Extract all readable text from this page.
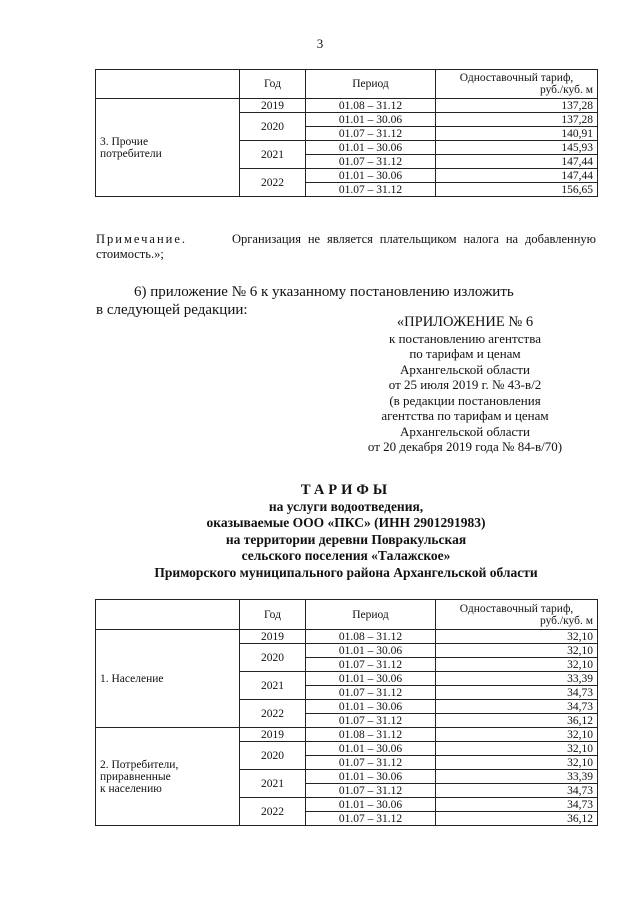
3
	Год	Период	Одноставочный тариф,
руб./куб. м

3. Прочие
потребители	2019	01.08 – 31.12	137,28
	2020	01.01 – 30.06	137,28
		01.07 – 31.12	140,91
	2021	01.01 – 30.06	145,93
		01.07 – 31.12	147,44
	2022	01.01 – 30.06	147,44
		01.07 – 31.12	156,65
Примечание.	Организация не является плательщиком налога на добавленную стоимость.»;
6) приложение № 6 к указанному постановлению изложить
в следующей редакции:
«ПРИЛОЖЕНИЕ № 6
к постановлению агентства
по тарифам и ценам
Архангельской области
от 25 июля 2019 г. № 43-в/2
(в редакции постановления
агентства по тарифам и ценам
Архангельской области
от 20 декабря 2019 года № 84-в/70)
ТАРИФЫ
на услуги водоотведения,
оказываемые ООО «ПКС» (ИНН 2901291983)
на территории деревни Повракульская
сельского поселения «Талажское»
Приморского муниципального района Архангельской области
	Год	Период	Одноставочный тариф,
руб./куб. м

1. Население	2019	01.08 – 31.12	32,10
	2020	01.01 – 30.06	32,10
		01.07 – 31.12	32,10
	2021	01.01 – 30.06	33,39
		01.07 – 31.12	34,73
	2022	01.01 – 30.06	34,73
		01.07 – 31.12	36,12

2. Потребители,
приравненные
к населению	2019	01.08 – 31.12	32,10
	2020	01.01 – 30.06	32,10
		01.07 – 31.12	32,10
	2021	01.01 – 30.06	33,39
		01.07 – 31.12	34,73
	2022	01.01 – 30.06	34,73
		01.07 – 31.12	36,12
